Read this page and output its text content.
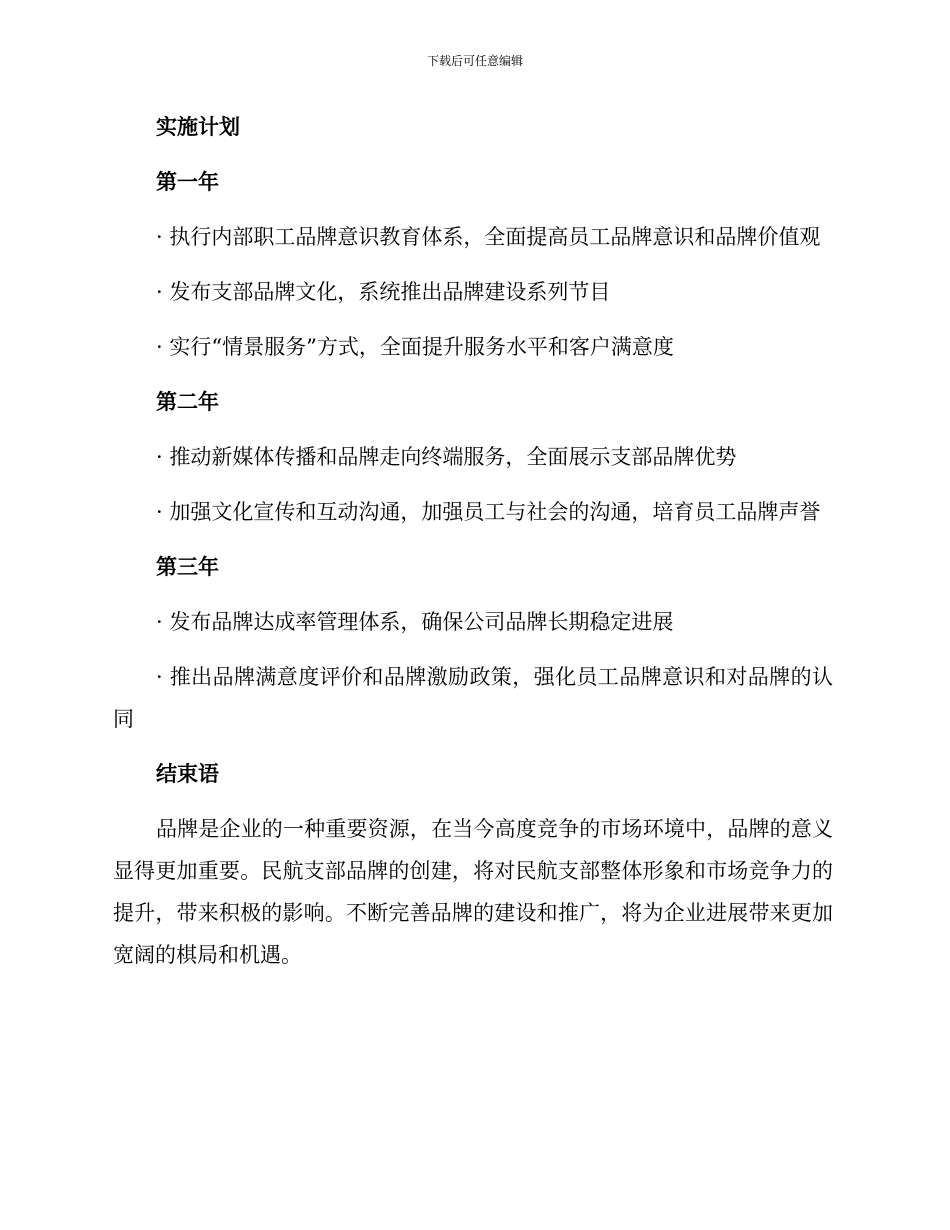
下载后可任意编辑
实施计划
第一年
· 执行内部职工品牌意识教育体系，全面提高员工品牌意识和品牌价值观
· 发布支部品牌文化，系统推出品牌建设系列节目
· 实行“情景服务”方式，全面提升服务水平和客户满意度
第二年
· 推动新媒体传播和品牌走向终端服务，全面展示支部品牌优势
· 加强文化宣传和互动沟通，加强员工与社会的沟通，培育员工品牌声誉
第三年
· 发布品牌达成率管理体系，确保公司品牌长期稳定进展
· 推出品牌满意度评价和品牌激励政策，强化员工品牌意识和对品牌的认同
结束语
品牌是企业的一种重要资源，在当今高度竞争的市场环境中，品牌的意义显得更加重要。民航支部品牌的创建，将对民航支部整体形象和市场竞争力的提升，带来积极的影响。不断完善品牌的建设和推广，将为企业进展带来更加宽阔的棋局和机遇。
